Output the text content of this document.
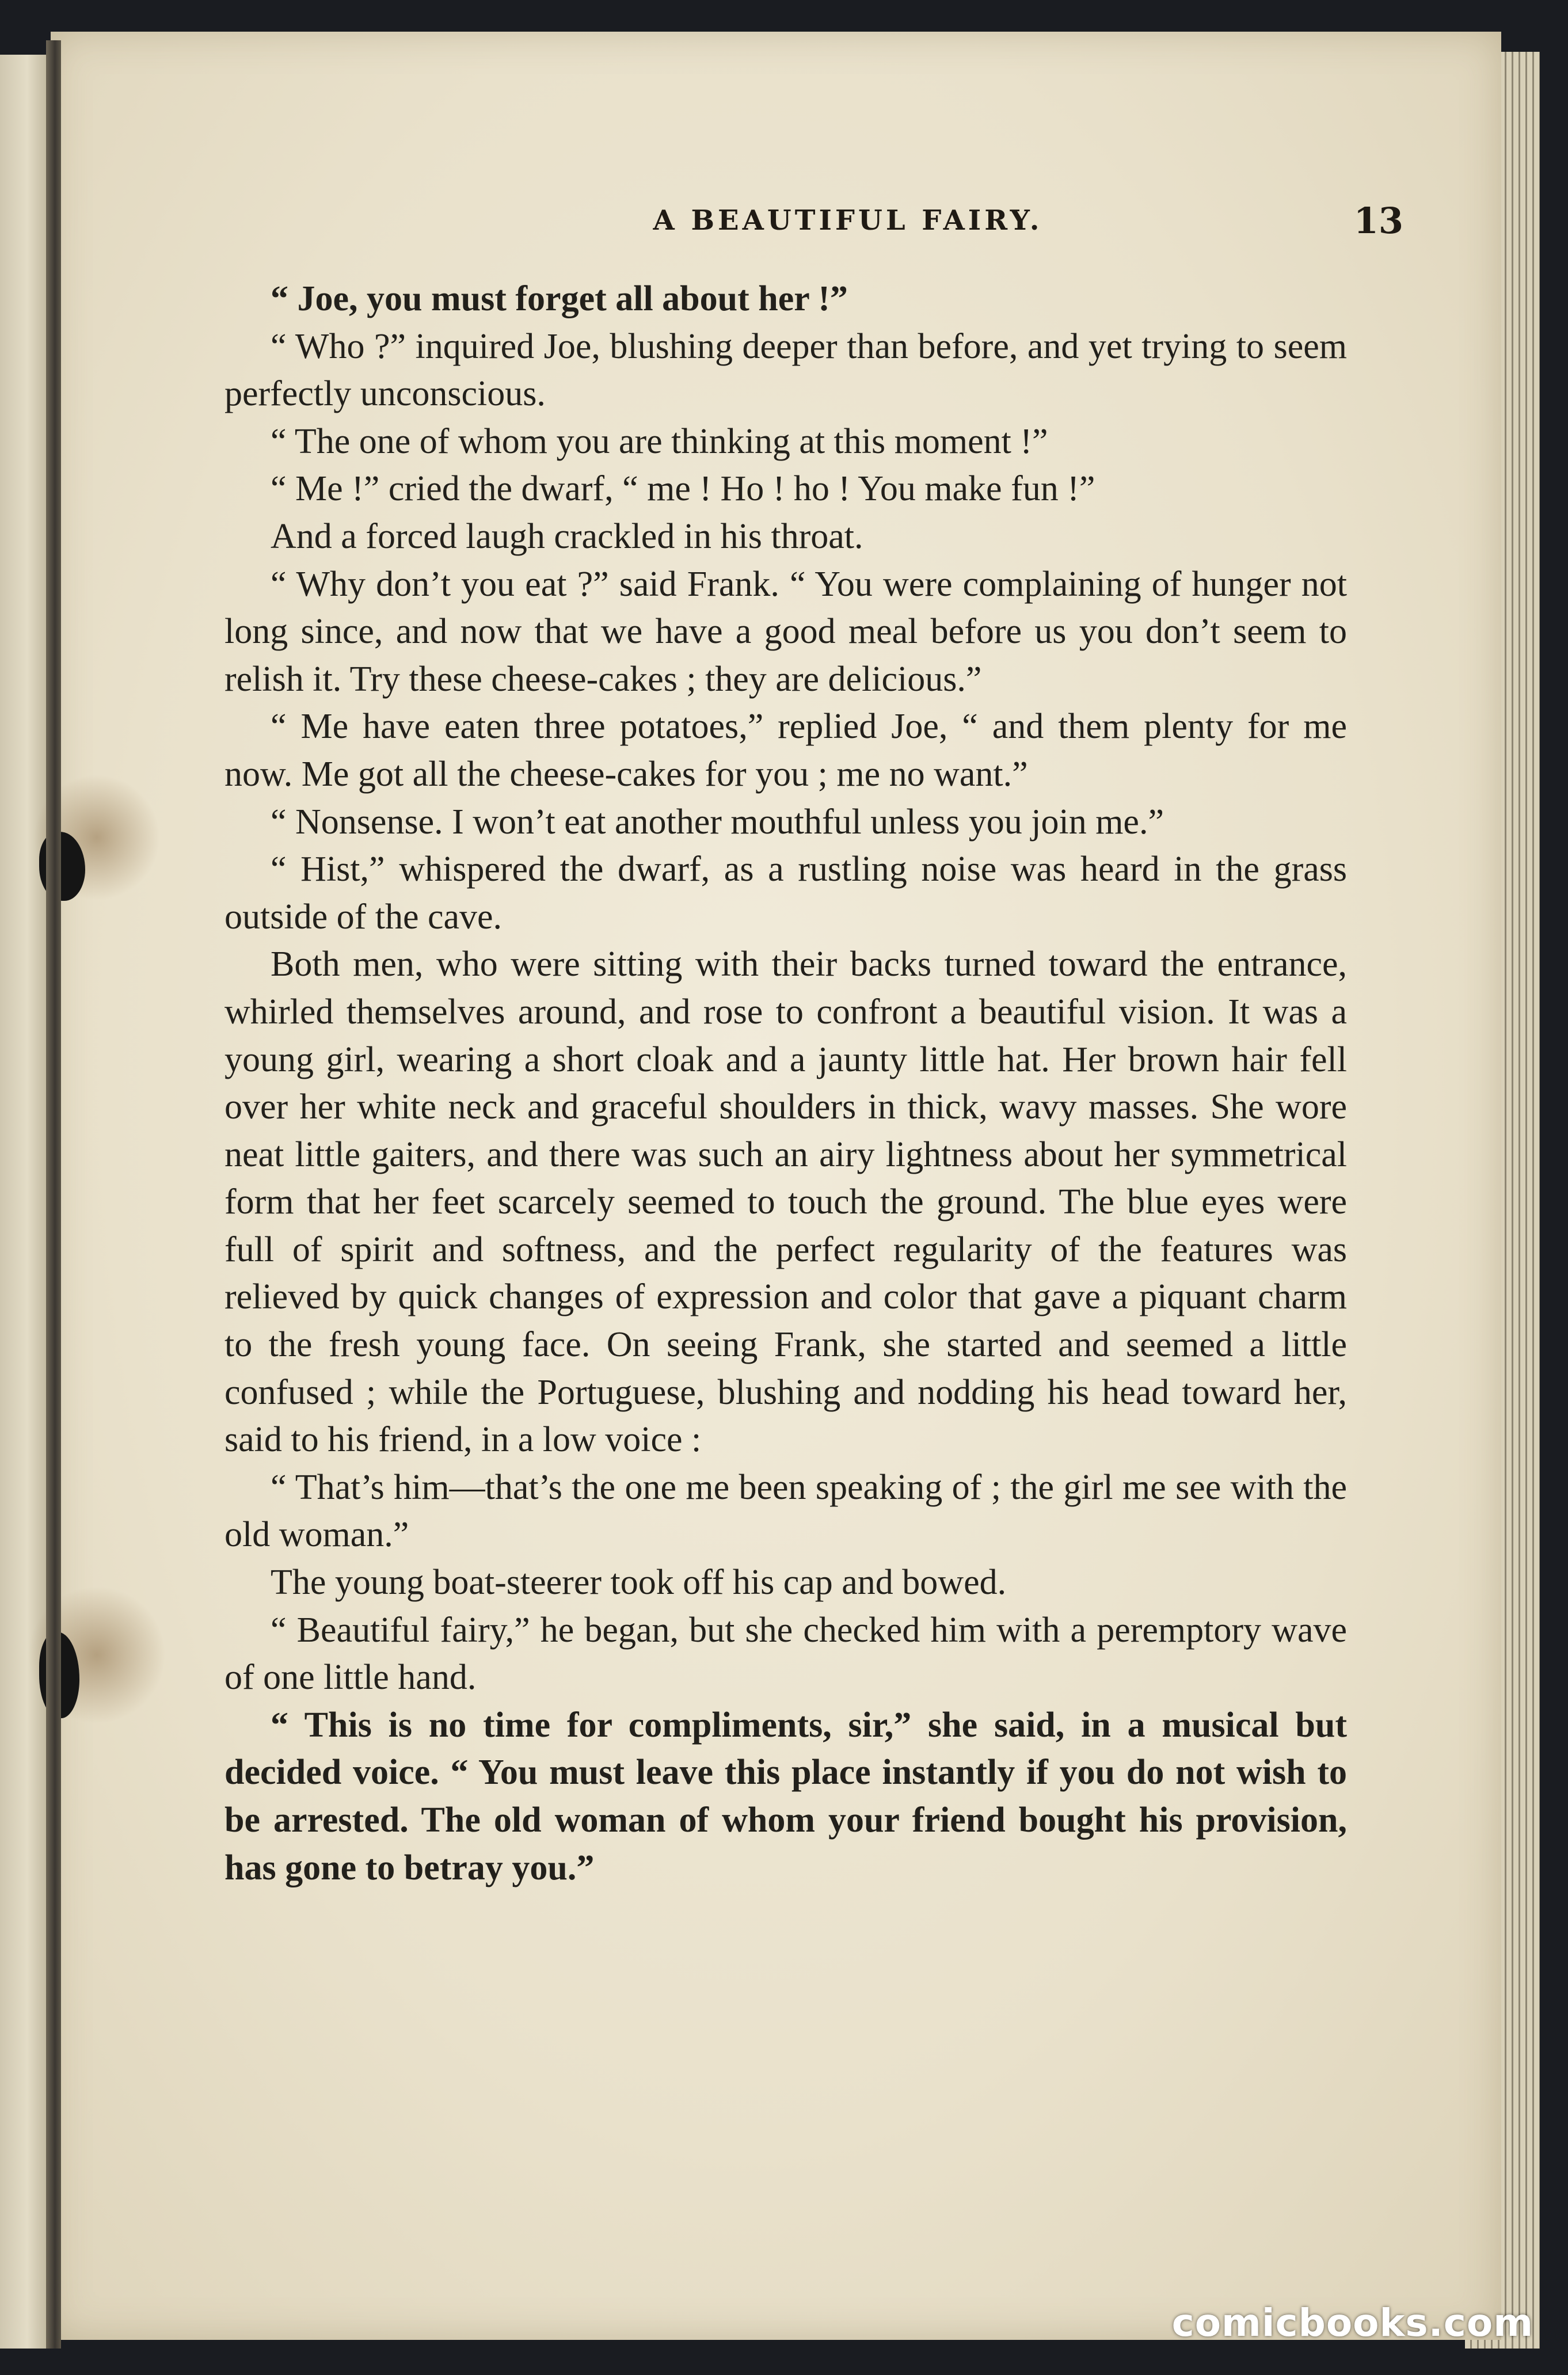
A BEAUTIFUL FAIRY.	13

“ Joe, you must forget all about her !”

“ Who ?” inquired Joe, blushing deeper than before, and yet trying to seem perfectly unconscious.

“ The one of whom you are thinking at this moment !”

“ Me !” cried the dwarf, “ me ! Ho ! ho ! You make fun !”

And a forced laugh crackled in his throat.

“ Why don’t you eat ?” said Frank. “ You were complaining of hunger not long since, and now that we have a good meal before us you don’t seem to relish it. Try these cheese-cakes ; they are delicious.”

“ Me have eaten three potatoes,” replied Joe, “ and them plenty for me now. Me got all the cheese-cakes for you ; me no want.”

“ Nonsense. I won’t eat another mouthful unless you join me.”

“ Hist,” whispered the dwarf, as a rustling noise was heard in the grass outside of the cave.

Both men, who were sitting with their backs turned toward the entrance, whirled themselves around, and rose to confront a beautiful vision. It was a young girl, wearing a short cloak and a jaunty little hat. Her brown hair fell over her white neck and graceful shoulders in thick, wavy masses. She wore neat little gaiters, and there was such an airy lightness about her symmetrical form that her feet scarcely seemed to touch the ground. The blue eyes were full of spirit and softness, and the perfect regularity of the features was relieved by quick changes of expression and color that gave a piquant charm to the fresh young face. On seeing Frank, she started and seemed a little confused ; while the Portuguese, blushing and nodding his head toward her, said to his friend, in a low voice :

“ That’s him—that’s the one me been speaking of ; the girl me see with the old woman.”

The young boat-steerer took off his cap and bowed.

“ Beautiful fairy,” he began, but she checked him with a peremptory wave of one little hand.

“ This is no time for compliments, sir,” she said, in a musical but decided voice. “ You must leave this place instantly if you do not wish to be arrested. The old woman of whom your friend bought his provision, has gone to betray you.”

comicbooks.com
